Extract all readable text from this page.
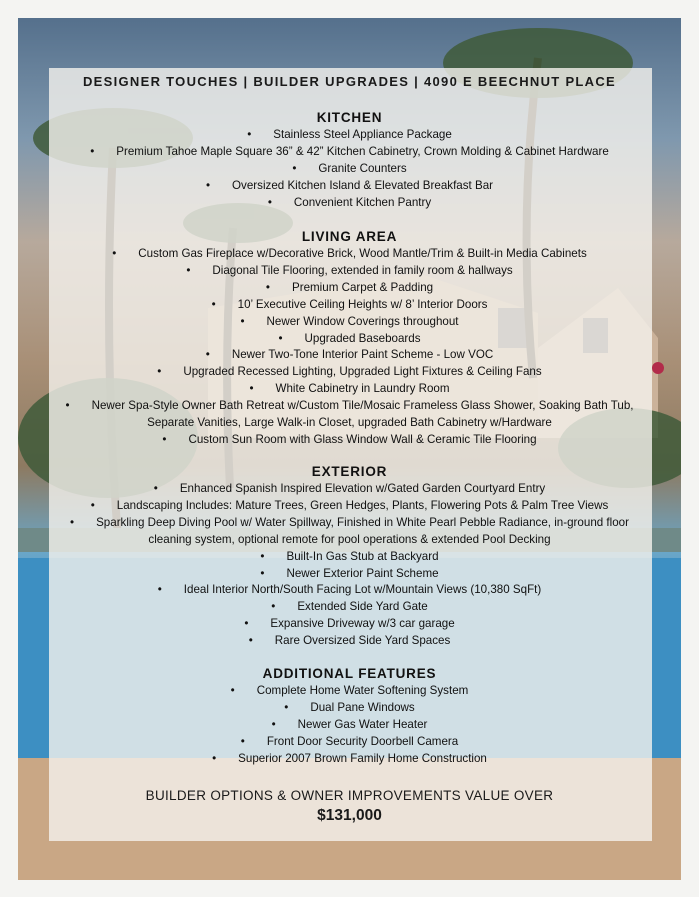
DESIGNER TOUCHES | BUILDER UPGRADES | 4090 E BEECHNUT PLACE
KITCHEN
• Stainless Steel Appliance Package
• Premium Tahoe Maple Square 36” & 42” Kitchen Cabinetry, Crown Molding & Cabinet Hardware
• Granite Counters
• Oversized Kitchen Island & Elevated Breakfast Bar
• Convenient Kitchen Pantry
LIVING AREA
• Custom Gas Fireplace w/Decorative Brick, Wood Mantle/Trim & Built-in Media Cabinets
• Diagonal Tile Flooring, extended in family room & hallways
• Premium Carpet & Padding
• 10’ Executive Ceiling Heights w/ 8’ Interior Doors
• Newer Window Coverings throughout
• Upgraded Baseboards
• Newer Two-Tone Interior Paint Scheme - Low VOC
• Upgraded Recessed Lighting, Upgraded Light Fixtures & Ceiling Fans
• White Cabinetry in Laundry Room
• Newer Spa-Style Owner Bath Retreat w/Custom Tile/Mosaic Frameless Glass Shower, Soaking Bath Tub, Separate Vanities, Large Walk-in Closet, upgraded Bath Cabinetry w/Hardware
• Custom Sun Room with Glass Window Wall & Ceramic Tile Flooring
EXTERIOR
• Enhanced Spanish Inspired Elevation w/Gated Garden Courtyard Entry
• Landscaping Includes: Mature Trees, Green Hedges, Plants, Flowering Pots & Palm Tree Views
• Sparkling Deep Diving Pool w/ Water Spillway, Finished in White Pearl Pebble Radiance, in-ground floor cleaning system, optional remote for pool operations & extended Pool Decking
• Built-In Gas Stub at Backyard
• Newer Exterior Paint Scheme
• Ideal Interior North/South Facing Lot w/Mountain Views (10,380 SqFt)
• Extended Side Yard Gate
• Expansive Driveway w/3 car garage
• Rare Oversized Side Yard Spaces
ADDITIONAL FEATURES
• Complete Home Water Softening System
• Dual Pane Windows
• Newer Gas Water Heater
• Front Door Security Doorbell Camera
• Superior 2007 Brown Family Home Construction
BUILDER OPTIONS & OWNER IMPROVEMENTS VALUE OVER
$131,000
